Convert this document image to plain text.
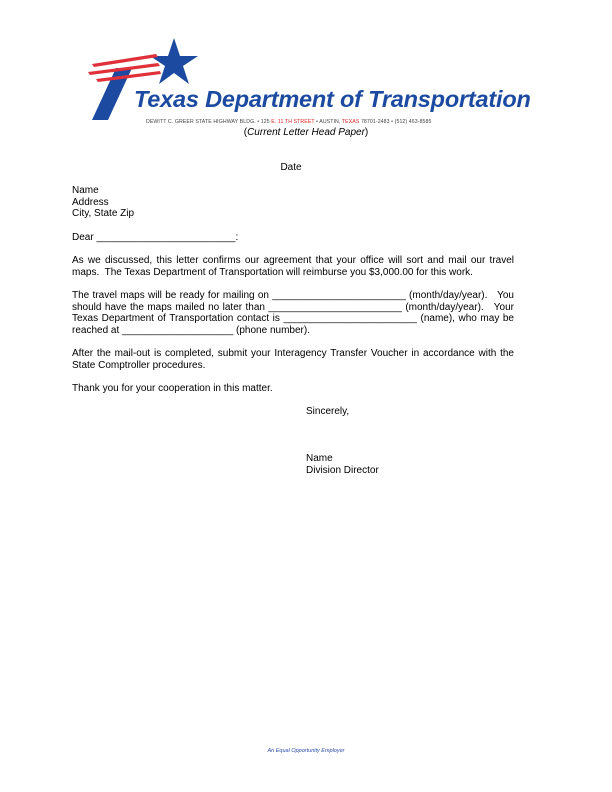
Texas Department of Transportation
DEWITT C. GREER STATE HIGHWAY BLDG. • 125 E. 11 TH STREET • AUSTIN, TEXAS 78701-2483 • (512) 463-8585
(Current Letter Head Paper)
Date
Name
Address
City, State Zip
Dear _________________________:
As we discussed, this letter confirms our agreement that your office will sort and mail our travel
maps.  The Texas Department of Transportation will reimburse you $3,000.00 for this work.
The travel maps will be ready for mailing on ________________________ (month/day/year).   You
should have the maps mailed no later than ________________________ (month/day/year).   Your
Texas Department of Transportation contact is ________________________ (name), who may be
reached at ____________________ (phone number).
After the mail-out is completed, submit your Interagency Transfer Voucher in accordance with the
State Comptroller procedures.
Thank you for your cooperation in this matter.
Sincerely,
Name
Division Director
An Equal Opportunity Employer
